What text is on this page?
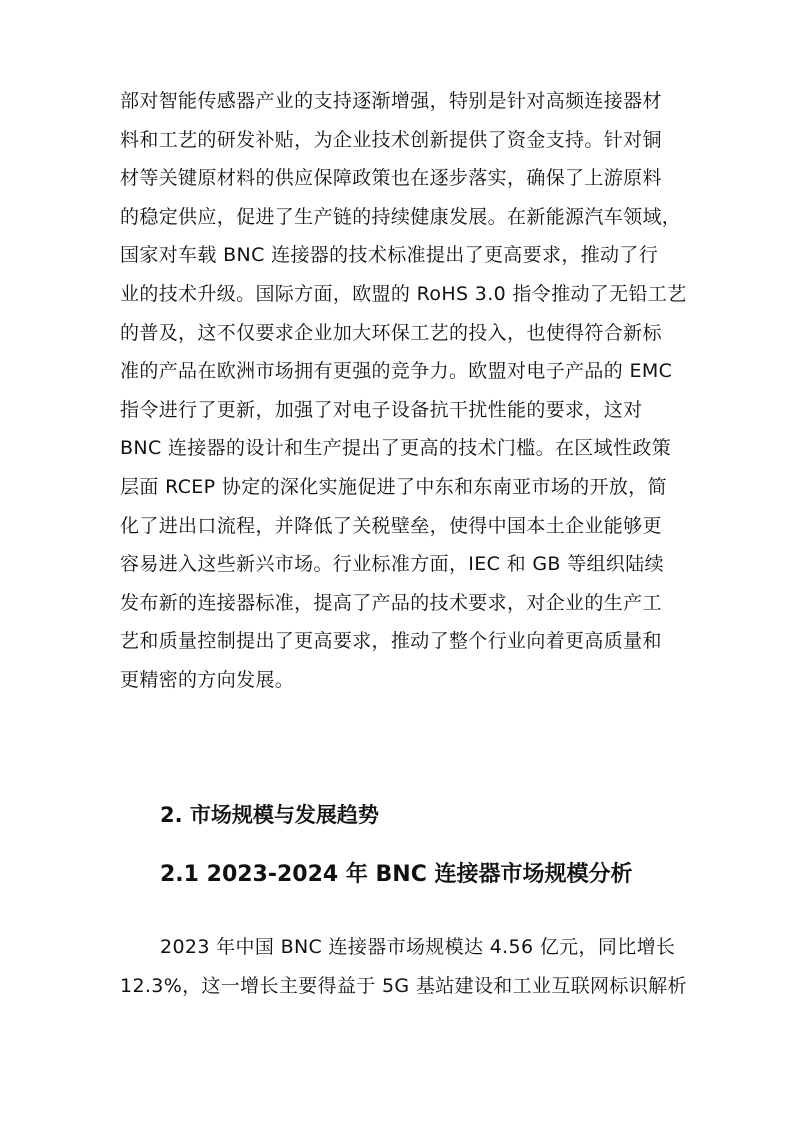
部对智能传感器产业的支持逐渐增强，特别是针对高频连接器材
料和工艺的研发补贴，为企业技术创新提供了资金支持。针对铜
材等关键原材料的供应保障政策也在逐步落实，确保了上游原料
的稳定供应，促进了生产链的持续健康发展。在新能源汽车领域，
国家对车载 BNC 连接器的技术标准提出了更高要求，推动了行
业的技术升级。国际方面，欧盟的 RoHS 3.0 指令推动了无铅工艺
的普及，这不仅要求企业加大环保工艺的投入，也使得符合新标
准的产品在欧洲市场拥有更强的竞争力。欧盟对电子产品的 EMC
指令进行了更新，加强了对电子设备抗干扰性能的要求，这对
BNC 连接器的设计和生产提出了更高的技术门槛。在区域性政策
层面 RCEP 协定的深化实施促进了中东和东南亚市场的开放，简
化了进出口流程，并降低了关税壁垒，使得中国本土企业能够更
容易进入这些新兴市场。行业标准方面，IEC 和 GB 等组织陆续
发布新的连接器标准，提高了产品的技术要求，对企业的生产工
艺和质量控制提出了更高要求，推动了整个行业向着更高质量和
更精密的方向发展。
2. 市场规模与发展趋势
2.1 2023-2024 年 BNC 连接器市场规模分析
2023 年中国 BNC 连接器市场规模达 4.56 亿元，同比增长
12.3%，这一增长主要得益于 5G 基站建设和工业互联网标识解析
